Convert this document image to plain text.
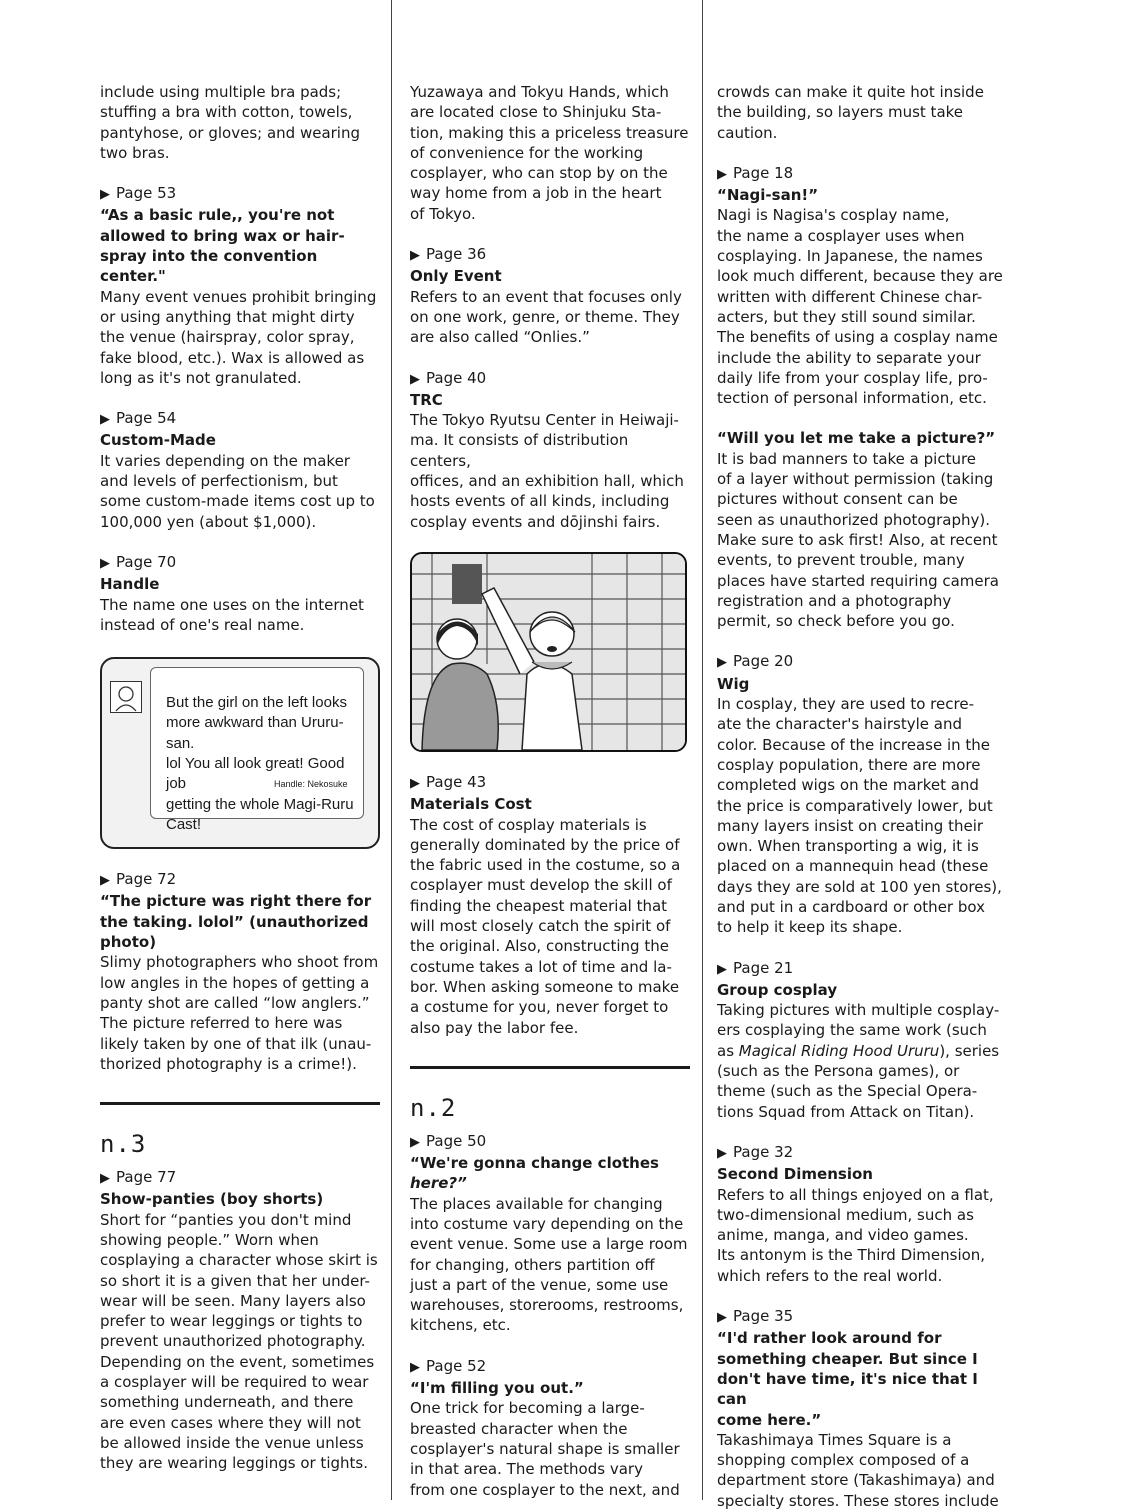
include using multiple bra pads;

stuffing a bra with cotton, towels,

pantyhose, or gloves; and wearing

two bras.

▶ Page 53

“As a basic rule,, you're not

allowed to bring wax or hair-

spray into the convention center."

Many event venues prohibit bringing

or using anything that might dirty

the venue (hairspray, color spray,

fake blood, etc.). Wax is allowed as

long as it's not granulated.

▶ Page 54

Custom-Made

It varies depending on the maker

and levels of perfectionism, but

some custom-made items cost up to

100,000 yen (about $1,000).

▶ Page 70

Handle

The name one uses on the internet

instead of one's real name.

But the girl on the left looks

more awkward than Ururu-san.

lol You all look great! Good job

getting the whole Magi-Ruru

Cast!

Handle: Nekosuke

▶ Page 72

“The picture was right there for

the taking. lolol” (unauthorized

photo)

Slimy photographers who shoot from

low angles in the hopes of getting a

panty shot are called “low anglers.”

The picture referred to here was

likely taken by one of that ilk (unau-

thorized photography is a crime!).

n.3

▶ Page 77

Show-panties (boy shorts)

Short for “panties you don't mind

showing people.” Worn when

cosplaying a character whose skirt is

so short it is a given that her under-

wear will be seen. Many layers also

prefer to wear leggings or tights to

prevent unauthorized photography.

Depending on the event, sometimes

a cosplayer will be required to wear

something underneath, and there

are even cases where they will not

be allowed inside the venue unless

they are wearing leggings or tights.

Yuzawaya and Tokyu Hands, which

are located close to Shinjuku Sta-

tion, making this a priceless treasure

of convenience for the working

cosplayer, who can stop by on the

way home from a job in the heart

of Tokyo.

▶ Page 36

Only Event

Refers to an event that focuses only

on one work, genre, or theme. They

are also called “Onlies.”

▶ Page 40

TRC

The Tokyo Ryutsu Center in Heiwaji-

ma. It consists of distribution centers,

offices, and an exhibition hall, which

hosts events of all kinds, including

cosplay events and dōjinshi fairs.

▶ Page 43

Materials Cost

The cost of cosplay materials is

generally dominated by the price of

the fabric used in the costume, so a

cosplayer must develop the skill of

finding the cheapest material that

will most closely catch the spirit of

the original. Also, constructing the

costume takes a lot of time and la-

bor. When asking someone to make

a costume for you, never forget to

also pay the labor fee.

n.2

▶ Page 50

“We're gonna change clothes

here?”

The places available for changing

into costume vary depending on the

event venue. Some use a large room

for changing, others partition off

just a part of the venue, some use

warehouses, storerooms, restrooms,

kitchens, etc.

▶ Page 52

“I'm filling you out.”

One trick for becoming a large-

breasted character when the

cosplayer's natural shape is smaller

in that area. The methods vary

from one cosplayer to the next, and

crowds can make it quite hot inside

the building, so layers must take

caution.

▶ Page 18

“Nagi-san!”

Nagi is Nagisa's cosplay name,

the name a cosplayer uses when

cosplaying. In Japanese, the names

look much different, because they are

written with different Chinese char-

acters, but they still sound similar.

The benefits of using a cosplay name

include the ability to separate your

daily life from your cosplay life, pro-

tection of personal information, etc.

“Will you let me take a picture?”

It is bad manners to take a picture

of a layer without permission (taking

pictures without consent can be

seen as unauthorized photography).

Make sure to ask first! Also, at recent

events, to prevent trouble, many

places have started requiring camera

registration and a photography

permit, so check before you go.

▶ Page 20

Wig

In cosplay, they are used to recre-

ate the character's hairstyle and

color. Because of the increase in the

cosplay population, there are more

completed wigs on the market and

the price is comparatively lower, but

many layers insist on creating their

own. When transporting a wig, it is

placed on a mannequin head (these

days they are sold at 100 yen stores),

and put in a cardboard or other box

to help it keep its shape.

▶ Page 21

Group cosplay

Taking pictures with multiple cosplay-

ers cosplaying the same work (such

as Magical Riding Hood Ururu), series

(such as the Persona games), or

theme (such as the Special Opera-

tions Squad from Attack on Titan).

▶ Page 32

Second Dimension

Refers to all things enjoyed on a flat,

two-dimensional medium, such as

anime, manga, and video games.

Its antonym is the Third Dimension,

which refers to the real world.

▶ Page 35

“I'd rather look around for

something cheaper. But since I

don't have time, it's nice that I can

come here.”

Takashimaya Times Square is a

shopping complex composed of a

department store (Takashimaya) and

specialty stores. These stores include
